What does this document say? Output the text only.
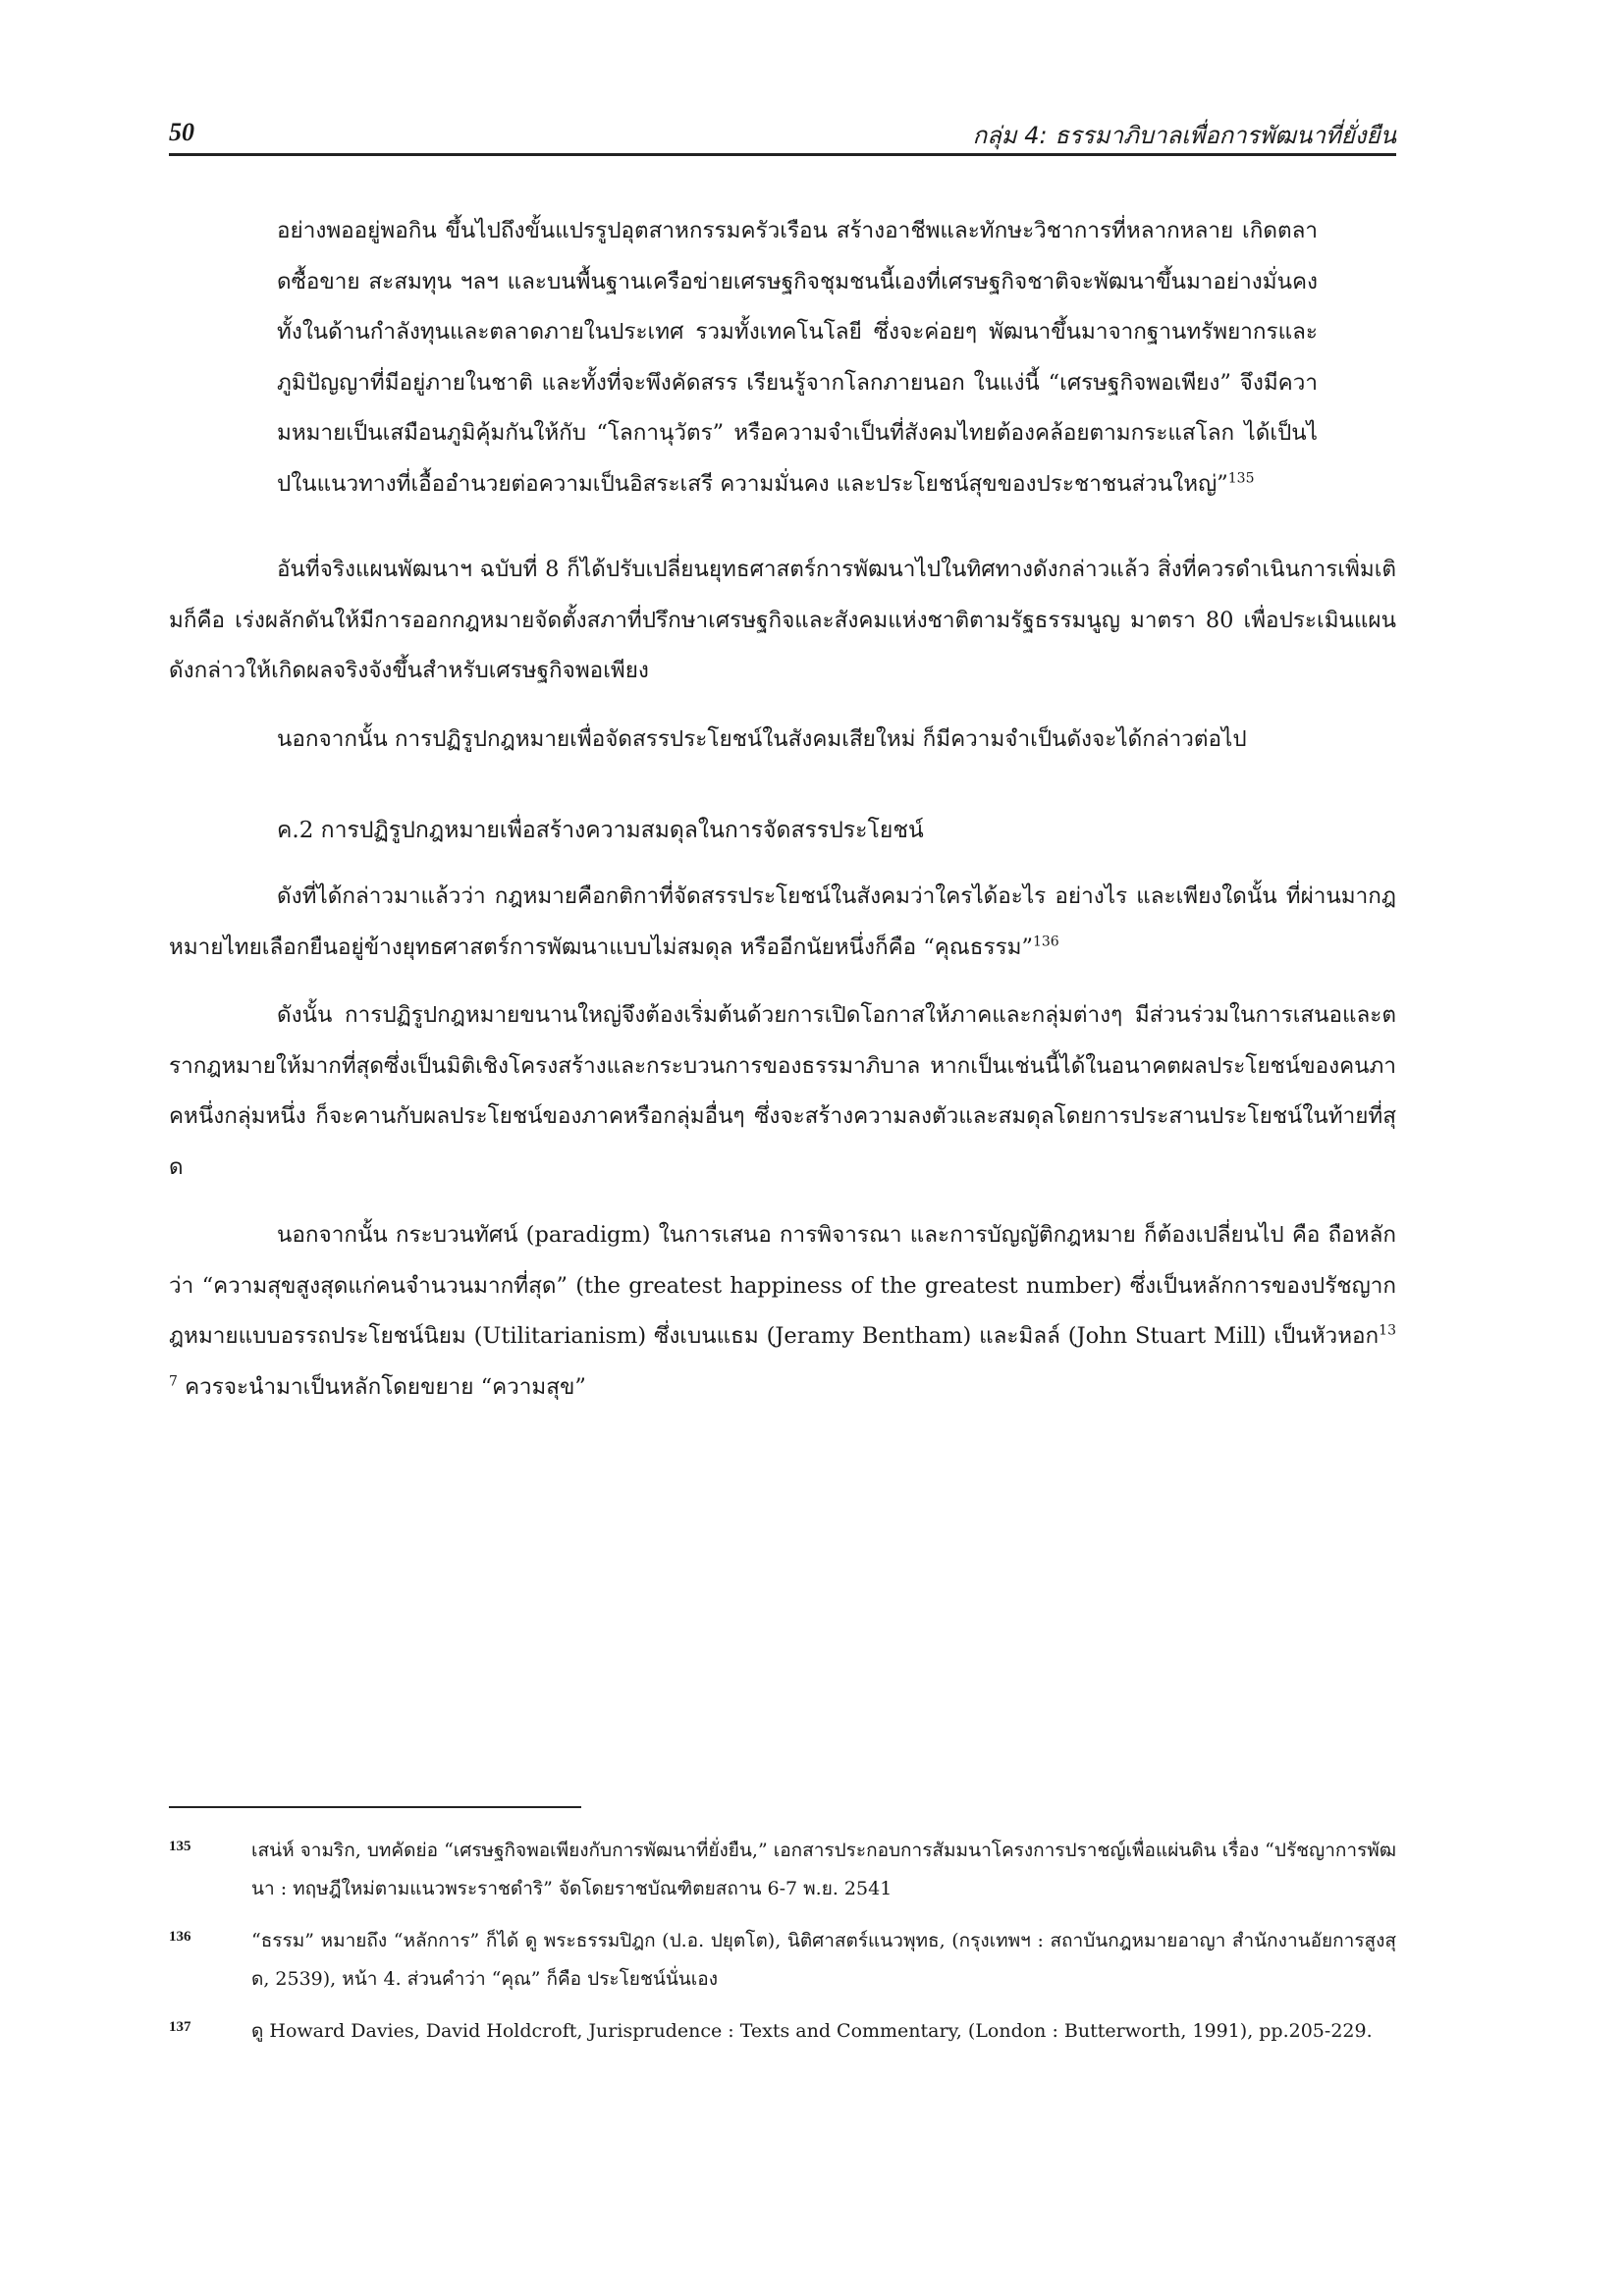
50	กลุ่ม 4: ธรรมาภิบาลเพื่อการพัฒนาที่ยั่งยืน

อย่างพออยู่พอกิน ขึ้นไปถึงขั้นแปรรูปอุตสาหกรรมครัวเรือน สร้างอาชีพและทักษะวิชาการที่หลากหลาย เกิดตลาดซื้อขาย สะสมทุน ฯลฯ และบนพื้นฐานเครือข่ายเศรษฐกิจชุมชนนี้เองที่เศรษฐกิจชาติจะพัฒนาขึ้นมาอย่างมั่นคงทั้งในด้านกำลังทุนและตลาดภายในประเทศ รวมทั้งเทคโนโลยี ซึ่งจะค่อยๆ พัฒนาขึ้นมาจากฐานทรัพยากรและภูมิปัญญาที่มีอยู่ภายในชาติ และทั้งที่จะพึงคัดสรร เรียนรู้จากโลกภายนอก ในแง่นี้ “เศรษฐกิจพอเพียง” จึงมีความหมายเป็นเสมือนภูมิคุ้มกันให้กับ “โลกานุวัตร” หรือความจำเป็นที่สังคมไทยต้องคล้อยตามกระแสโลก ได้เป็นไปในแนวทางที่เอื้ออำนวยต่อความเป็นอิสระเสรี ความมั่นคง และประโยชน์สุขของประชาชนส่วนใหญ่”$^{135}$

อันที่จริงแผนพัฒนาฯ ฉบับที่ 8 ก็ได้ปรับเปลี่ยนยุทธศาสตร์การพัฒนาไปในทิศทางดังกล่าวแล้ว สิ่งที่ควรดำเนินการเพิ่มเติมก็คือ เร่งผลักดันให้มีการออกกฎหมายจัดตั้งสภาที่ปรึกษาเศรษฐกิจและสังคมแห่งชาติตามรัฐธรรมนูญ มาตรา 80 เพื่อประเมินแผนดังกล่าวให้เกิดผลจริงจังขึ้นสำหรับเศรษฐกิจพอเพียง

นอกจากนั้น การปฏิรูปกฎหมายเพื่อจัดสรรประโยชน์ในสังคมเสียใหม่ ก็มีความจำเป็นดังจะได้กล่าวต่อไป

ค.2 การปฏิรูปกฎหมายเพื่อสร้างความสมดุลในการจัดสรรประโยชน์

ดังที่ได้กล่าวมาแล้วว่า กฎหมายคือกติกาที่จัดสรรประโยชน์ในสังคมว่าใครได้อะไร อย่างไร และเพียงใดนั้น ที่ผ่านมากฎหมายไทยเลือกยืนอยู่ข้างยุทธศาสตร์การพัฒนาแบบไม่สมดุล หรืออีกนัยหนึ่งก็คือ “คุณธรรม”$^{136}$

ดังนั้น การปฏิรูปกฎหมายขนานใหญ่จึงต้องเริ่มต้นด้วยการเปิดโอกาสให้ภาคและกลุ่มต่างๆ มีส่วนร่วมในการเสนอและตรากฎหมายให้มากที่สุดซึ่งเป็นมิติเชิงโครงสร้างและกระบวนการของธรรมาภิบาล หากเป็นเช่นนี้ได้ในอนาคตผลประโยชน์ของคนภาคหนึ่งกลุ่มหนึ่ง ก็จะคานกับผลประโยชน์ของภาคหรือกลุ่มอื่นๆ ซึ่งจะสร้างความลงตัวและสมดุลโดยการประสานประโยชน์ในท้ายที่สุด

นอกจากนั้น กระบวนทัศน์ (paradigm) ในการเสนอ การพิจารณา และการบัญญัติกฎหมาย ก็ต้องเปลี่ยนไป คือ ถือหลักว่า “ความสุขสูงสุดแก่คนจำนวนมากที่สุด” (the greatest happiness of the greatest number) ซึ่งเป็นหลักการของปรัชญากฎหมายแบบอรรถประโยชน์นิยม (Utilitarianism) ซึ่งเบนแธม (Jeramy Bentham) และมิลล์ (John Stuart Mill) เป็นหัวหอก$^{137}$ ควรจะนำมาเป็นหลักโดยขยาย “ความสุข”

135	เสน่ห์ จามริก, บทคัดย่อ “เศรษฐกิจพอเพียงกับการพัฒนาที่ยั่งยืน,” เอกสารประกอบการสัมมนาโครงการปราชญ์เพื่อแผ่นดิน เรื่อง “ปรัชญาการพัฒนา : ทฤษฎีใหม่ตามแนวพระราชดำริ” จัดโดยราชบัณฑิตยสถาน 6-7 พ.ย. 2541
136	“ธรรม” หมายถึง “หลักการ” ก็ได้ ดู พระธรรมปิฎก (ป.อ. ปยุตโต), นิติศาสตร์แนวพุทธ, (กรุงเทพฯ : สถาบันกฎหมายอาญา สำนักงานอัยการสูงสุด, 2539), หน้า 4. ส่วนคำว่า “คุณ” ก็คือ ประโยชน์นั่นเอง
137	ดู Howard Davies, David Holdcroft, Jurisprudence : Texts and Commentary, (London : Butterworth, 1991), pp.205-229.
